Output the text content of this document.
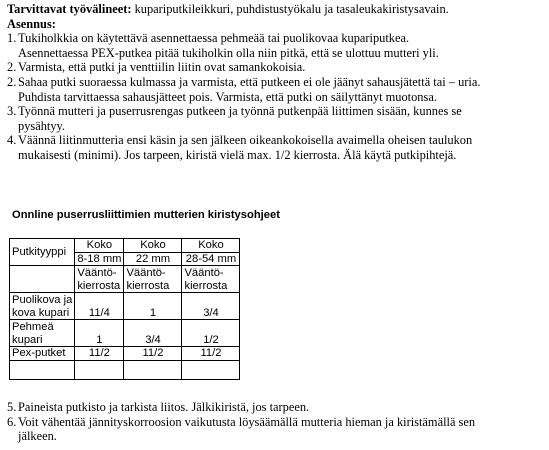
Tarvittavat työvälineet: kupariputkileikkuri, puhdistustyökalu ja tasaleukakiristysavain.
Asennus:
1. Tukiholkkia on käytettävä asennettaessa pehmeää tai puolikovaa kupariputkea.
Asennettaessa PEX-putkea pitää tukiholkin olla niin pitkä, että se ulottuu mutteri yli.
2. Varmista, että putki ja venttiilin liitin ovat samankokoisia.
2. Sahaa putki suoraessa kulmassa ja varmista, että putkeen ei ole jäänyt sahausjätettä tai – uria.
Puhdista tarvittaessa sahausjätteet pois. Varmista, että putki on säilyttänyt muotonsa.
3. Työnnä mutteri ja puserrusrengas putkeen ja työnnä putkenpää liittimen sisään, kunnes se
pysähtyy.
4. Väännä liitinmutteria ensi käsin ja sen jälkeen oikeankokoisella avaimella oheisen taulukon
mukaisesti (minimi). Jos tarpeen, kiristä vielä max. 1/2 kierrosta. Älä käytä putkipihtejä.
Onnline puserrusliittimien mutterien kiristysohjeet
Putkityyppi	Koko	Koko	Koko
	8-18 mm	22 mm	28-54 mm

	Vääntö-
kierrosta	Vääntö-
kierrosta	Vääntö-
kierrosta

Puolikova ja
kova kupari	11/4	1	3/4

Pehmeä
kupari	1	3/4	1/2
Pex-putket	11/2	11/2	11/2

5. Paineista putkisto ja tarkista liitos. Jälkikiristä, jos tarpeen.
6. Voit vähentää jännityskorroosion vaikutusta löysäämällä mutteria hieman ja kiristämällä sen
jälkeen.
